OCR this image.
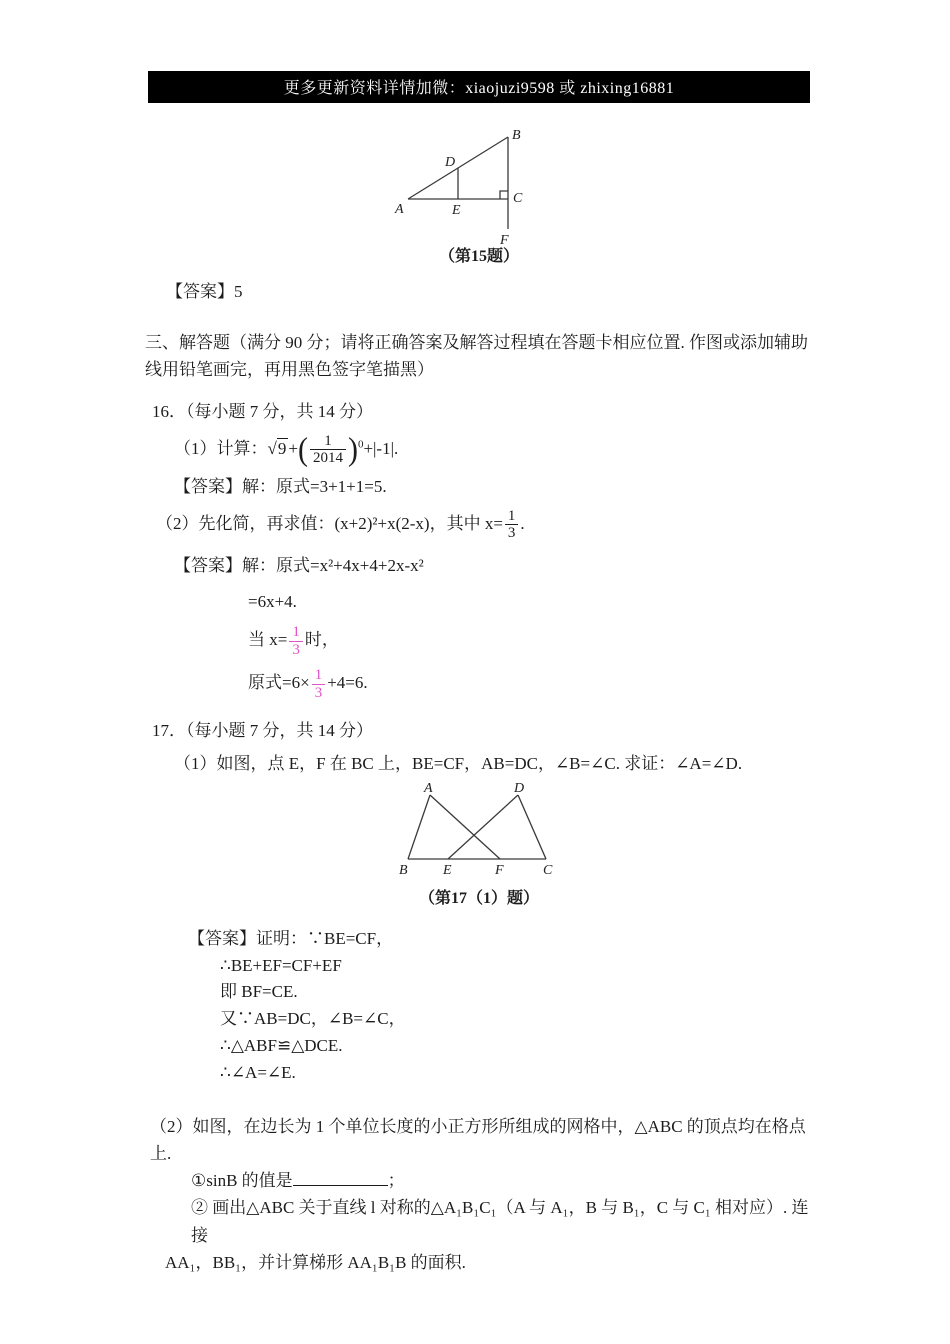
更多更新资料详情加微：xiaojuzi9598 或 zhixing16881
A
B
C
D
E
F
（第15题）
【答案】5
三、解答题（满分 90 分；请将正确答案及解答过程填在答题卡相应位置. 作图或添加辅助
线用铅笔画完，再用黑色签字笔描黑）
16．（每小题 7 分，共 14 分）
（1）计算：√9 +( $\frac{1}{2014} )^0+|-1|$.
【答案】解：原式=3+1+1=5.
（2）先化简，再求值：(x+2)²+x(2-x)，其中 $x= \frac{1}{3}$ .
【答案】解：原式=x²+4x+4+2x-x²
=6x+4.
当 $x= \frac{1}{3}$ 时，
原式$=6\times \frac{1}{3} +4=6$.
17．（每小题 7 分，共 14 分）
（1）如图，点 E，F 在 BC 上，BE=CF，AB=DC，∠B=∠C. 求证：∠A=∠D.
A	D
B	E	F	C
（第17（1）题）
【答案】证明：∵BE=CF，
∴BE+EF=CF+EF
即 BF=CE.
又∵AB=DC，∠B=∠C，
∴△ABF≌△DCE.
∴∠A=∠E.
（2）如图，在边长为 1 个单位长度的小正方形所组成的网格中，△ABC 的顶点均在格点上.
①sinB 的值是	；
② 画出△ABC 关于直线 l 对称的△A₁B₁C₁（A 与 A₁，B 与 B₁，C 与 C₁ 相对应）. 连接
AA₁，BB₁，并计算梯形 AA₁B₁B 的面积.
